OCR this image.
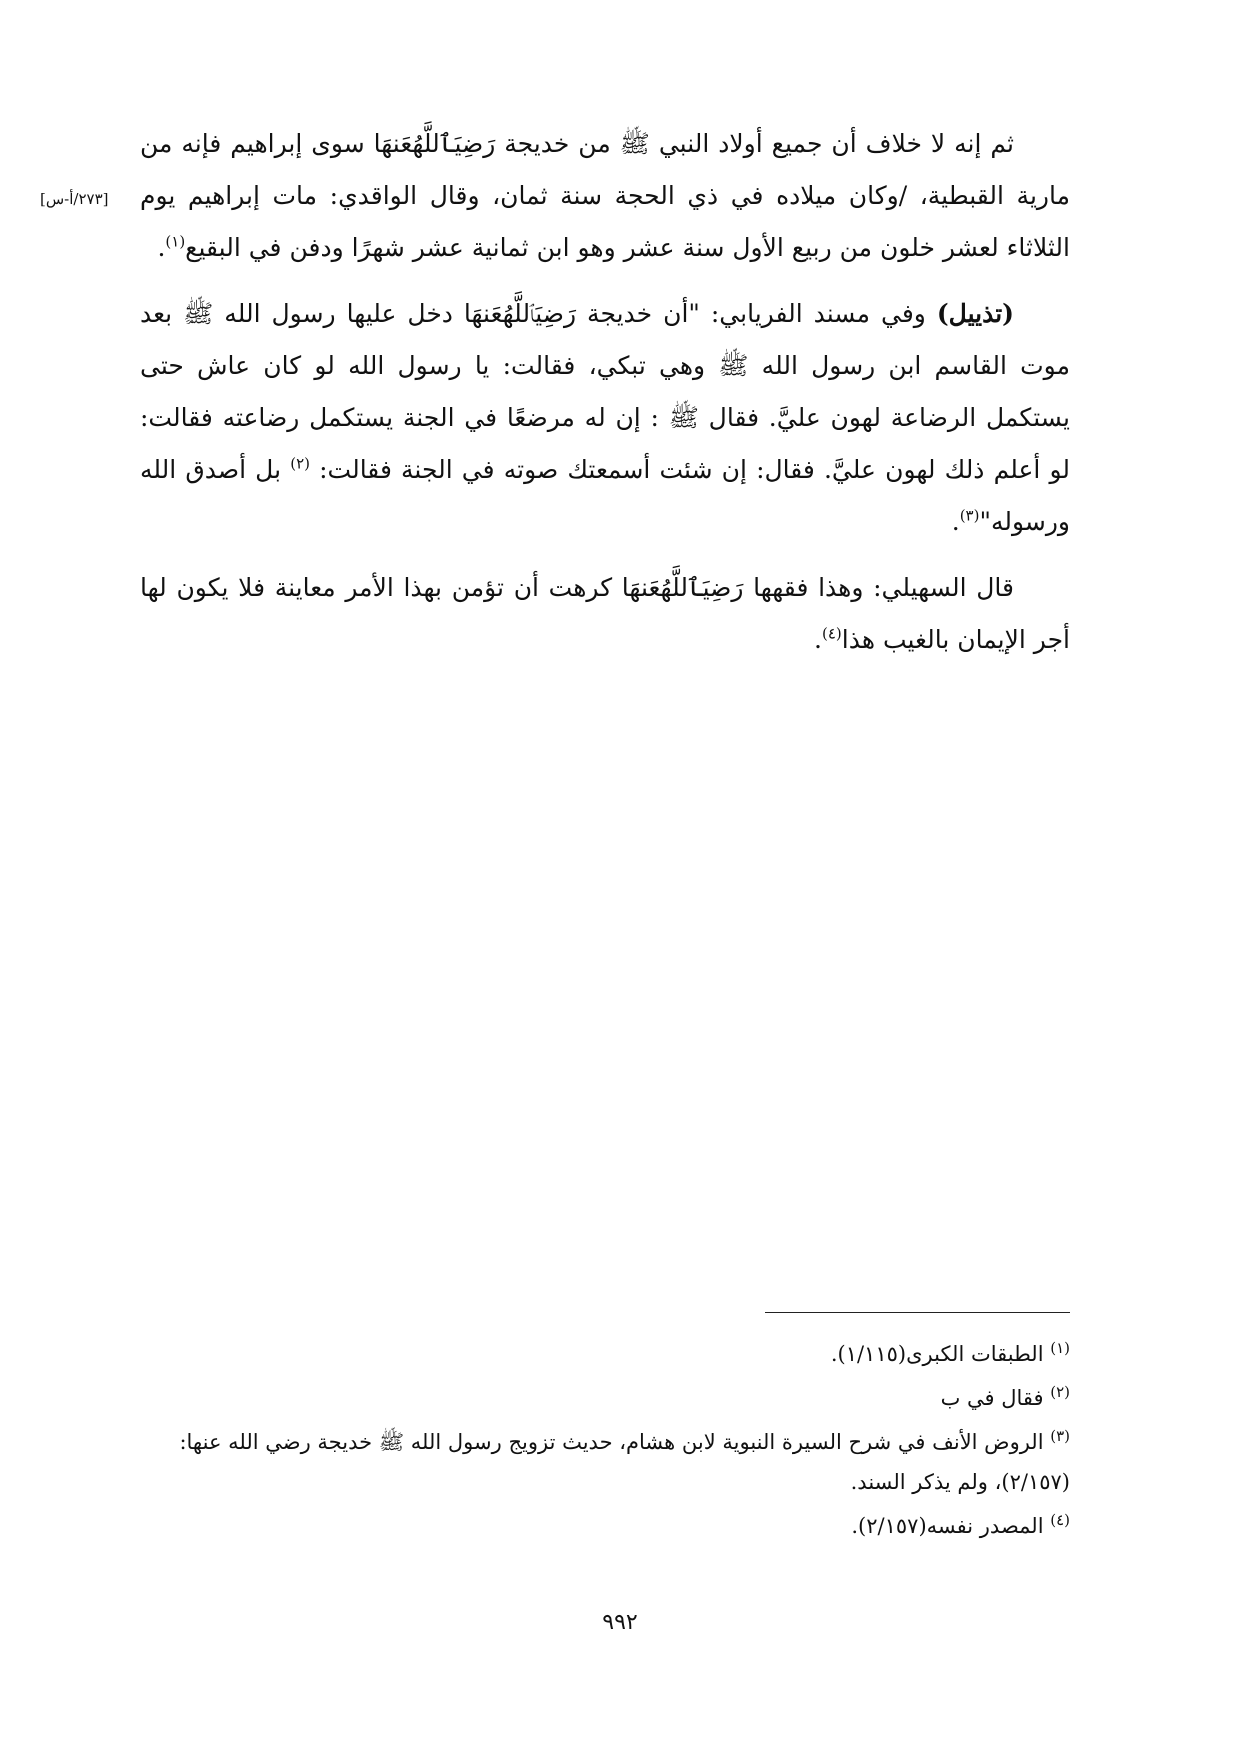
[٢٧٣/أ-س]

ثم إنه لا خلاف أن جميع أولاد النبي ﷺ من خديجة رَضِيَٱللَّهُعَنهَا سوى إبراهيم فإنه من مارية القبطية، /وكان ميلاده في ذي الحجة سنة ثمان، وقال الواقدي: مات إبراهيم يوم الثلاثاء لعشر خلون من ربيع الأول سنة عشر وهو ابن ثمانية عشر شهرًا ودفن في البقيع$^{(١)}$.

(تذييل) وفي مسند الفريابي: "أن خديجة رَضِيَٱللَّهُعَنهَا دخل عليها رسول الله ﷺ بعد موت القاسم ابن رسول الله ﷺ وهي تبكي، فقالت: يا رسول الله لو كان عاش حتى يستكمل الرضاعة لهون عليَّ. فقال ﷺ : إن له مرضعًا في الجنة يستكمل رضاعته فقالت: لو أعلم ذلك لهون عليَّ. فقال: إن شئت أسمعتك صوته في الجنة فقالت: $^{(٢)}$ بل أصدق الله ورسوله"$^{(٣)}$.

قال السهيلي: وهذا فقهها رَضِيَٱللَّهُعَنهَا كرهت أن تؤمن بهذا الأمر معاينة فلا يكون لها أجر الإيمان بالغيب هذا$^{(٤)}$.

$^{(١)}$ الطبقات الكبرى(١/١١٥).

$^{(٢)}$ فقال في ب

$^{(٣)}$ الروض الأنف في شرح السيرة النبوية لابن هشام، حديث تزويج رسول الله ﷺ خديجة رضي الله عنها: (٢/١٥٧)، ولم يذكر السند.

$^{(٤)}$ المصدر نفسه(٢/١٥٧).

٩٩٢
